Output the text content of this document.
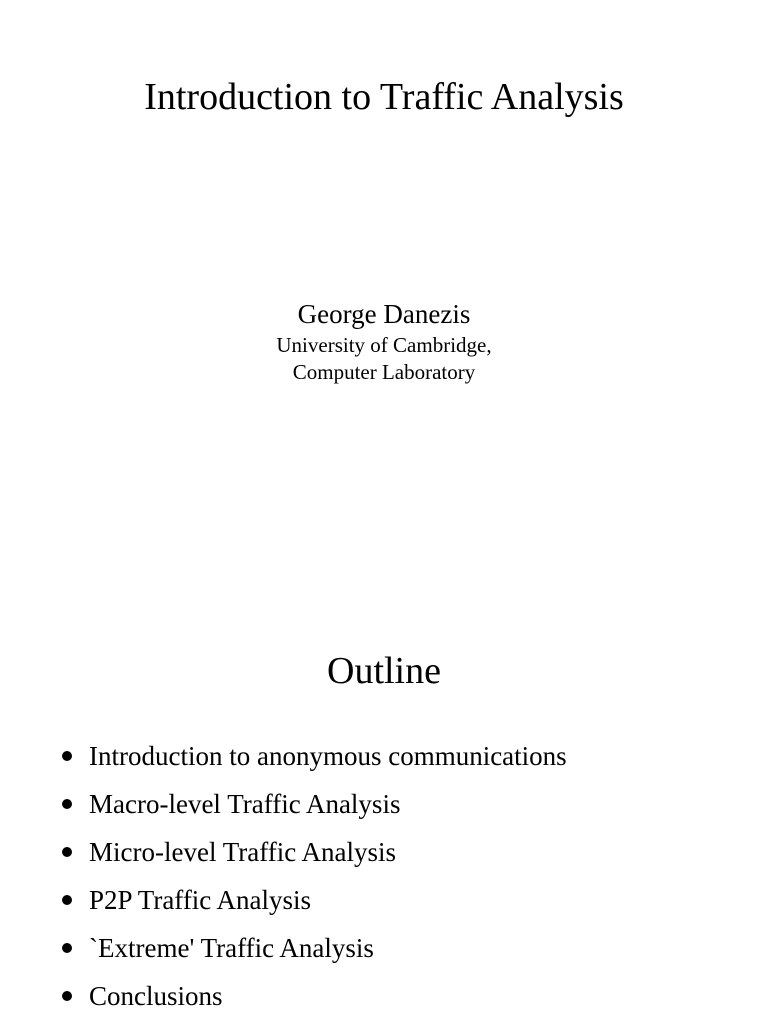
Introduction to Traffic Analysis
George Danezis
University of Cambridge,
Computer Laboratory
Outline
Introduction to anonymous communications
Macro-level Traffic Analysis
Micro-level Traffic Analysis
P2P Traffic Analysis
`Extreme' Traffic Analysis
Conclusions
